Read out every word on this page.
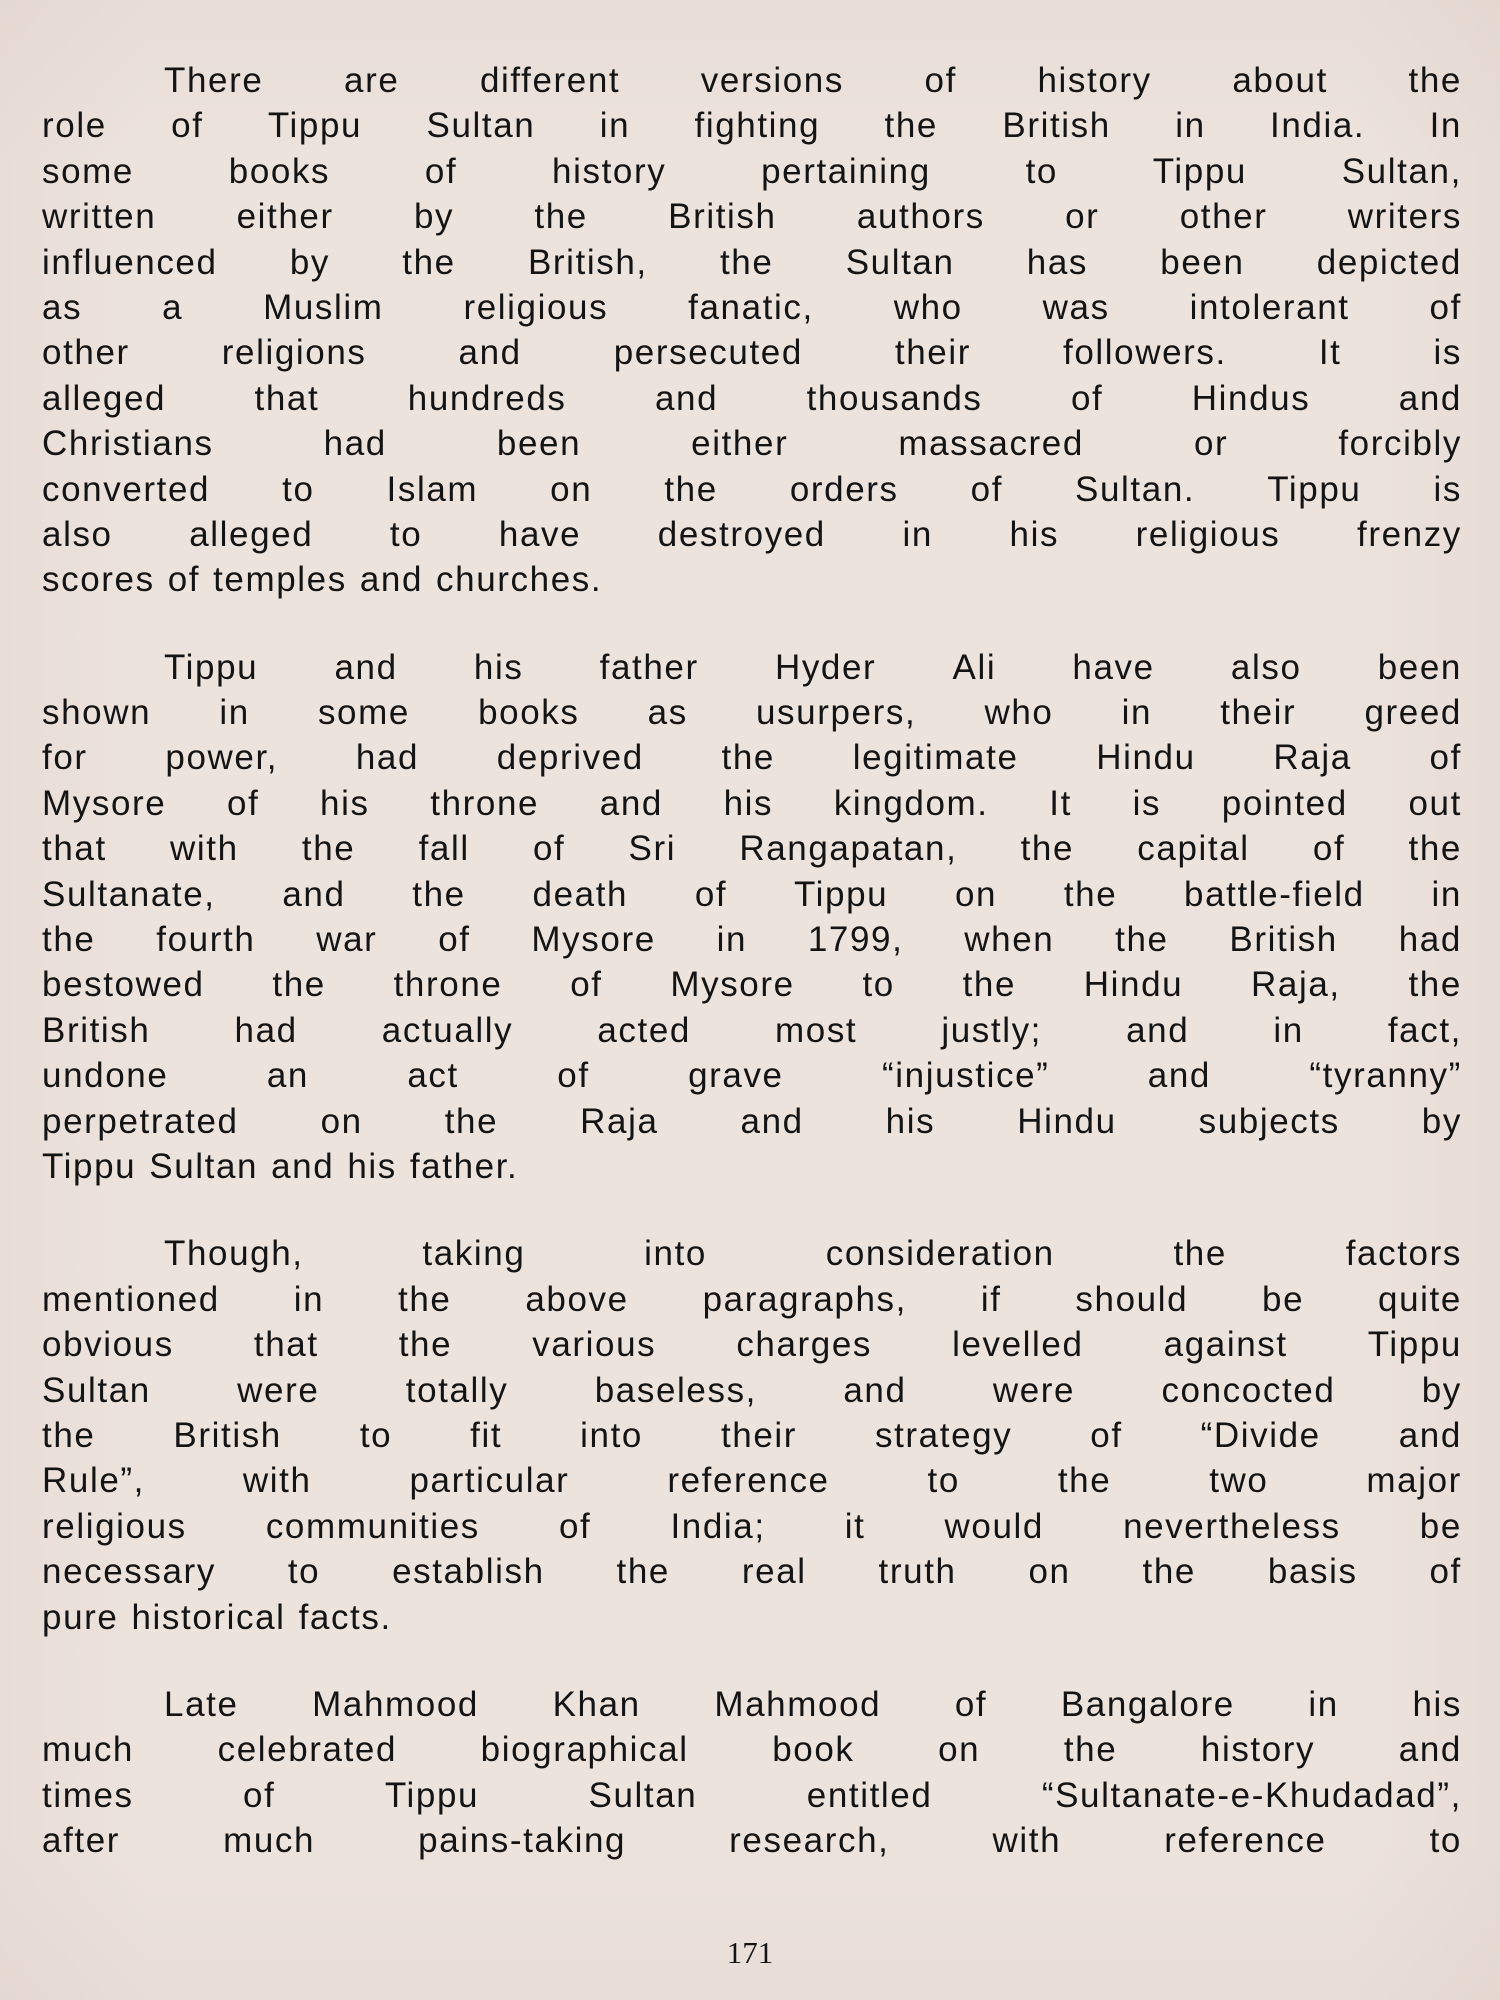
There are different versions of history about the
role of Tippu Sultan in fighting the British in India. In
some	books	of	history	pertaining	to	Tippu	Sultan,
written either by the British authors or other writers
influenced by the British, the Sultan has been depicted
as a Muslim religious fanatic, who was intolerant of
other	religions	and	persecuted	their	followers.	It	is
alleged	that	hundreds	and	thousands	of	Hindus	and
Christians	had	been	either	massacred	or	forcibly
converted to Islam on the orders of Sultan. Tippu is
also alleged to have destroyed in his religious frenzy
scores of temples and churches.
Tippu and his father Hyder Ali have also been
shown in some books as usurpers, who in their greed
for power, had deprived the legitimate Hindu Raja of
Mysore of his throne and his kingdom. It is pointed out
that with the fall of Sri Rangapatan, the capital of the
Sultanate, and the death of Tippu on the battle-field in
the fourth war of Mysore in 1799, when the British had
bestowed the throne of Mysore to the Hindu Raja, the
British had actually acted most justly; and in fact,
undone	an	act	of	grave	“injustice”	and	“tyranny”
perpetrated on the Raja and his Hindu subjects by
Tippu Sultan and his father.
Though,	taking	into	consideration	the	factors
mentioned in the above paragraphs, if should be quite
obvious that the various charges levelled against Tippu
Sultan were totally baseless, and were concocted by
the British to fit into their strategy of “Divide and
Rule”,	with	particular	reference	to	the	two	major
religious communities of India; it would nevertheless be
necessary to establish the real truth on the basis of
pure historical facts.
Late Mahmood Khan Mahmood of Bangalore in his
much celebrated biographical book on the history and
times	of	Tippu	Sultan	entitled	“Sultanate-e-Khudadad”,
after	much	pains-taking	research,	with	reference	to
171
